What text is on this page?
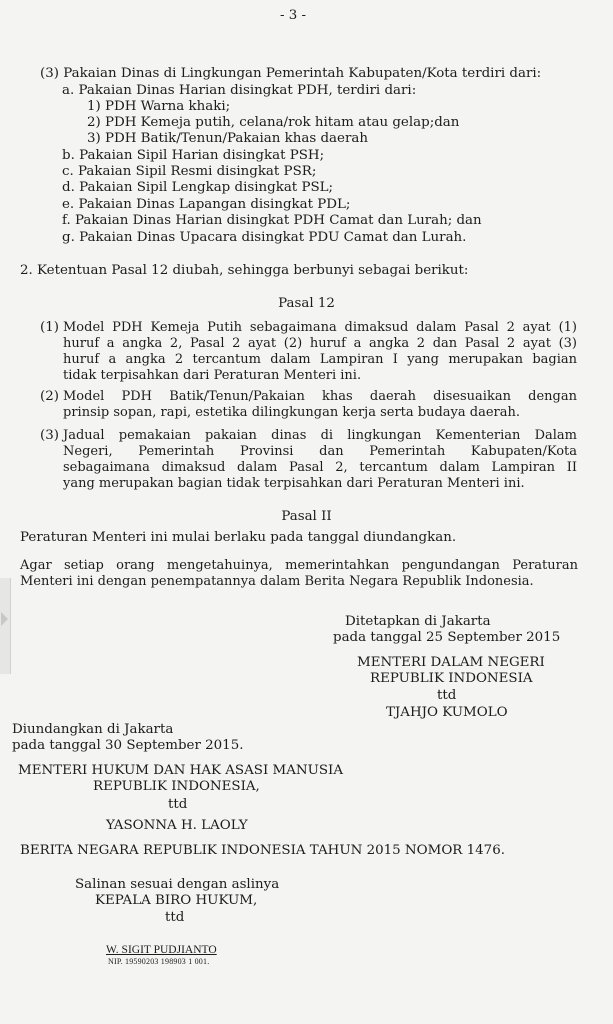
- 3 -
(3) Pakaian Dinas di Lingkungan Pemerintah Kabupaten/Kota terdiri dari:
a. Pakaian Dinas Harian disingkat PDH, terdiri dari:
1) PDH Warna khaki;
2) PDH Kemeja putih, celana/rok hitam atau gelap;dan
3) PDH Batik/Tenun/Pakaian khas daerah
b. Pakaian Sipil Harian disingkat PSH;
c. Pakaian Sipil Resmi disingkat PSR;
d. Pakaian Sipil Lengkap disingkat PSL;
e. Pakaian Dinas Lapangan disingkat PDL;
f. Pakaian Dinas Harian disingkat PDH Camat dan Lurah; dan
g. Pakaian Dinas Upacara disingkat PDU Camat dan Lurah.
2. Ketentuan Pasal 12 diubah, sehingga berbunyi sebagai berikut:
Pasal 12
(1) Model PDH Kemeja Putih sebagaimana dimaksud dalam Pasal 2 ayat (1)
huruf a angka 2, Pasal 2 ayat (2) huruf a angka 2 dan Pasal 2 ayat (3)
huruf a angka 2 tercantum dalam Lampiran I yang merupakan bagian
tidak terpisahkan dari Peraturan Menteri ini.
(2) Model PDH Batik/Tenun/Pakaian khas daerah disesuaikan dengan
prinsip sopan, rapi, estetika dilingkungan kerja serta budaya daerah.
(3) Jadual pemakaian pakaian dinas di lingkungan Kementerian Dalam
Negeri, Pemerintah Provinsi dan Pemerintah Kabupaten/Kota
sebagaimana dimaksud dalam Pasal 2, tercantum dalam Lampiran II
yang merupakan bagian tidak terpisahkan dari Peraturan Menteri ini.
Pasal II
Peraturan Menteri ini mulai berlaku pada tanggal diundangkan.
Agar setiap orang mengetahuinya, memerintahkan pengundangan Peraturan
Menteri ini dengan penempatannya dalam Berita Negara Republik Indonesia.
Ditetapkan di Jakarta
pada tanggal 25 September 2015
MENTERI DALAM NEGERI
REPUBLIK INDONESIA
ttd
TJAHJO KUMOLO
Diundangkan di Jakarta
pada tanggal 30 September 2015.
MENTERI HUKUM DAN HAK ASASI MANUSIA
REPUBLIK INDONESIA,
ttd
YASONNA H. LAOLY
BERITA NEGARA REPUBLIK INDONESIA TAHUN 2015 NOMOR 1476.
Salinan sesuai dengan aslinya
KEPALA BIRO HUKUM,
ttd
W. SIGIT PUDJIANTO
NIP. 19590203 198903 1 001.
